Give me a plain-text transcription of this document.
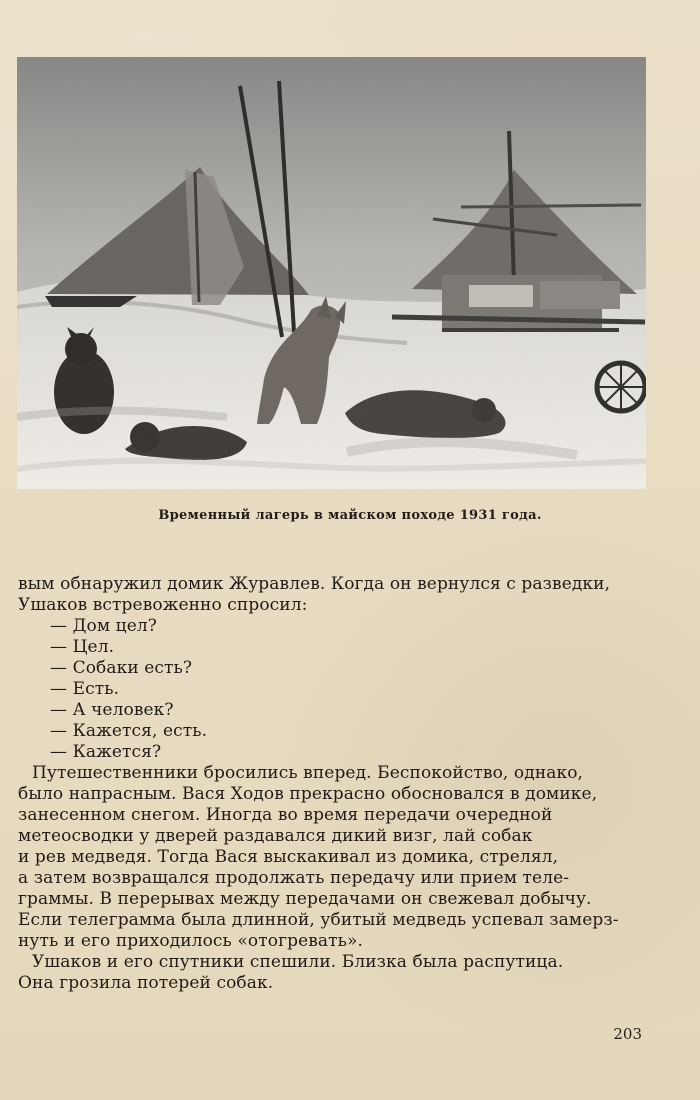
Временный лагерь в майском походе 1931 года.
вым обнаружил домик Журавлев. Когда он вернулся с разведки,
Ушаков встревоженно спросил:
— Дом цел?
— Цел.
— Собаки есть?
— Есть.
— А человек?
— Кажется, есть.
— Кажется?
Путешественники бросились вперед. Беспокойство, однако,
было напрасным. Вася Ходов прекрасно обосновался в домике,
занесенном снегом. Иногда во время передачи очередной
метеосводки у дверей раздавался дикий визг, лай собак
и рев медведя. Тогда Вася выскакивал из домика, стрелял,
а затем возвращался продолжать передачу или прием теле-
граммы. В перерывах между передачами он свежевал добычу.
Если телеграмма была длинной, убитый медведь успевал замерз-
нуть и его приходилось «отогревать».
Ушаков и его спутники спешили. Близка была распутица.
Она грозила потерей собак.
203
